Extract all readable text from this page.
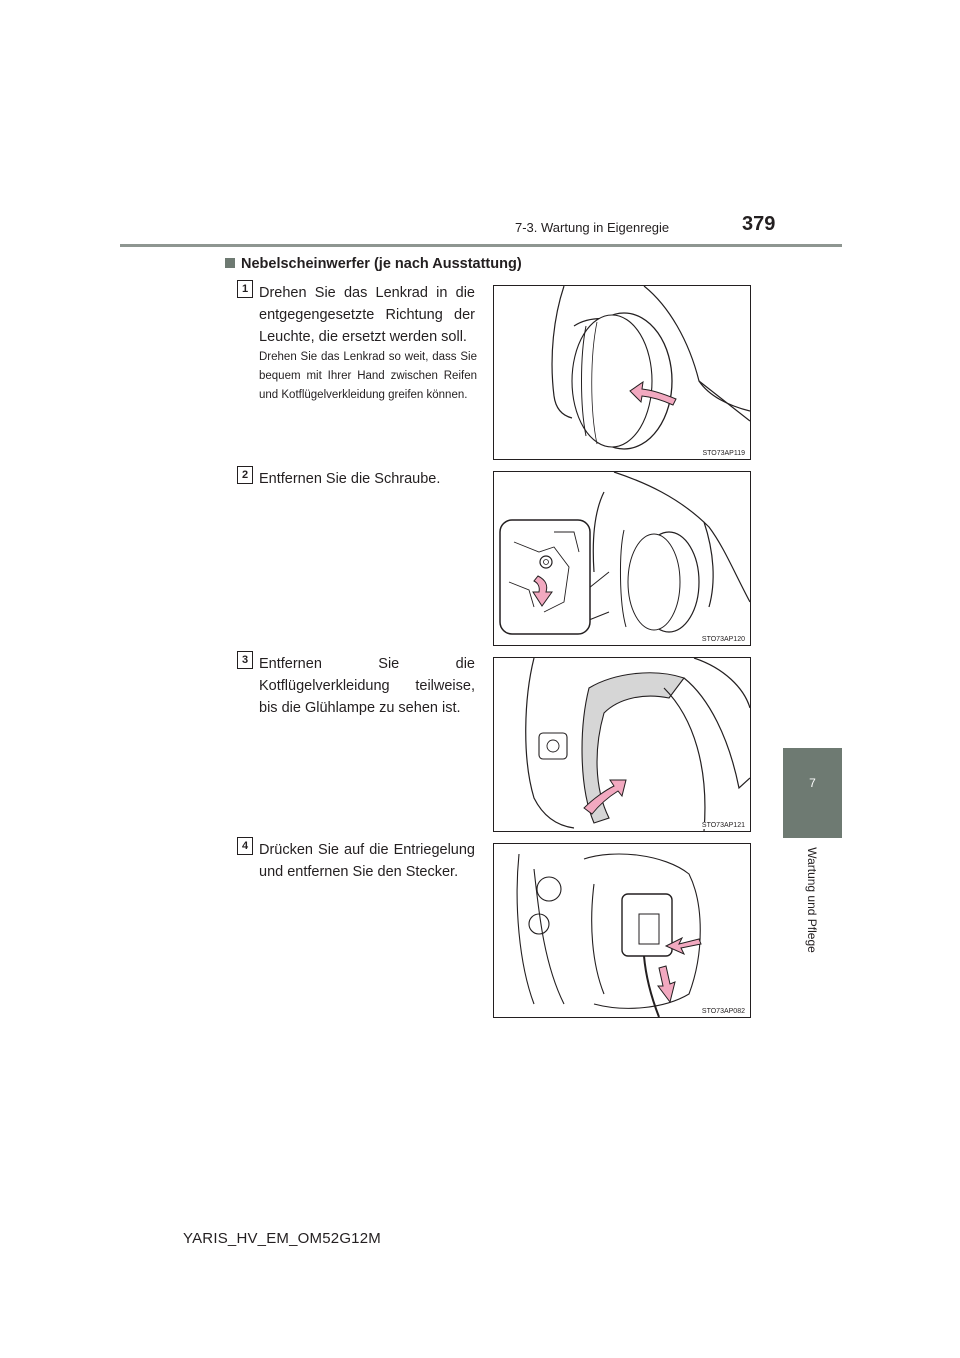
7-3. Wartung in Eigenregie	379
7
Wartung und Pflege
Nebelscheinwerfer (je nach Ausstattung)
1 Drehen Sie das Lenkrad in die entgegengesetzte Richtung der Leuchte, die ersetzt werden soll.
Drehen Sie das Lenkrad so weit, dass Sie bequem mit Ihrer Hand zwischen Reifen und Kotflügelverkleidung greifen können.
STO73AP119
2 Entfernen Sie die Schraube.
STO73AP120
3 Entfernen Sie die Kotflügelverkleidung teilweise, bis die Glühlampe zu sehen ist.
STO73AP121
4 Drücken Sie auf die Entriegelung und entfernen Sie den Stecker.
STO73AP082
YARIS_HV_EM_OM52G12M
